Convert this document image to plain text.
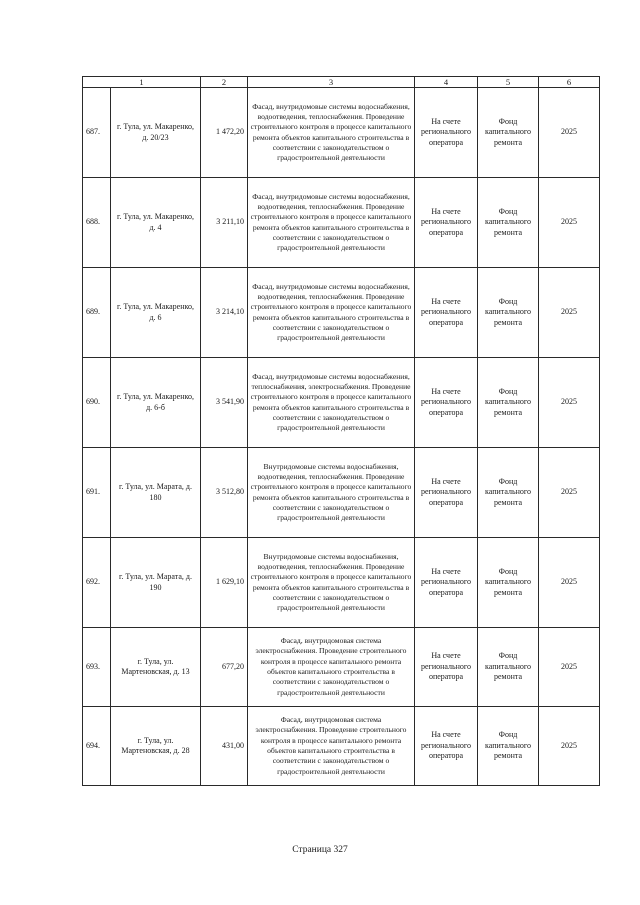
1		2	3	4	5	6
687.	г. Тула, ул. Макаренко, д. 20/23	1 472,20	Фасад, внутридомовые системы водоснабжения, водоотведения, теплоснабжения. Проведение строительного контроля в процессе капитального ремонта объектов капитального строительства в соответствии с законодательством о градостроительной деятельности	На счете регионального оператора	Фонд капитального ремонта	2025
688.	г. Тула, ул. Макаренко, д. 4	3 211,10	Фасад, внутридомовые системы водоснабжения, водоотведения, теплоснабжения. Проведение строительного контроля в процессе капитального ремонта объектов капитального строительства в соответствии с законодательством о градостроительной деятельности	На счете регионального оператора	Фонд капитального ремонта	2025
689.	г. Тула, ул. Макаренко, д. 6	3 214,10	Фасад, внутридомовые системы водоснабжения, водоотведения, теплоснабжения. Проведение строительного контроля в процессе капитального ремонта объектов капитального строительства в соответствии с законодательством о градостроительной деятельности	На счете регионального оператора	Фонд капитального ремонта	2025
690.	г. Тула, ул. Макаренко, д. 6-б	3 541,90	Фасад, внутридомовые системы водоснабжения, теплоснабжения, электроснабжения. Проведение строительного контроля в процессе капитального ремонта объектов капитального строительства в соответствии с законодательством о градостроительной деятельности	На счете регионального оператора	Фонд капитального ремонта	2025
691.	г. Тула, ул. Марата, д. 180	3 512,80	Внутридомовые системы водоснабжения, водоотведения, теплоснабжения. Проведение строительного контроля в процессе капитального ремонта объектов капитального строительства в соответствии с законодательством о градостроительной деятельности	На счете регионального оператора	Фонд капитального ремонта	2025
692.	г. Тула, ул. Марата, д. 190	1 629,10	Внутридомовые системы водоснабжения, водоотведения, теплоснабжения. Проведение строительного контроля в процессе капитального ремонта объектов капитального строительства в соответствии с законодательством о градостроительной деятельности	На счете регионального оператора	Фонд капитального ремонта	2025
693.	г. Тула, ул. Мартеновская, д. 13	677,20	Фасад, внутридомовая система электроснабжения. Проведение строительного контроля в процессе капитального ремонта объектов капитального строительства в соответствии с законодательством о градостроительной деятельности	На счете регионального оператора	Фонд капитального ремонта	2025
694.	г. Тула, ул. Мартеновская, д. 28	431,00	Фасад, внутридомовая система электроснабжения. Проведение строительного контроля в процессе капитального ремонта объектов капитального строительства в соответствии с законодательством о градостроительной деятельности	На счете регионального оператора	Фонд капитального ремонта	2025
Страница 327
